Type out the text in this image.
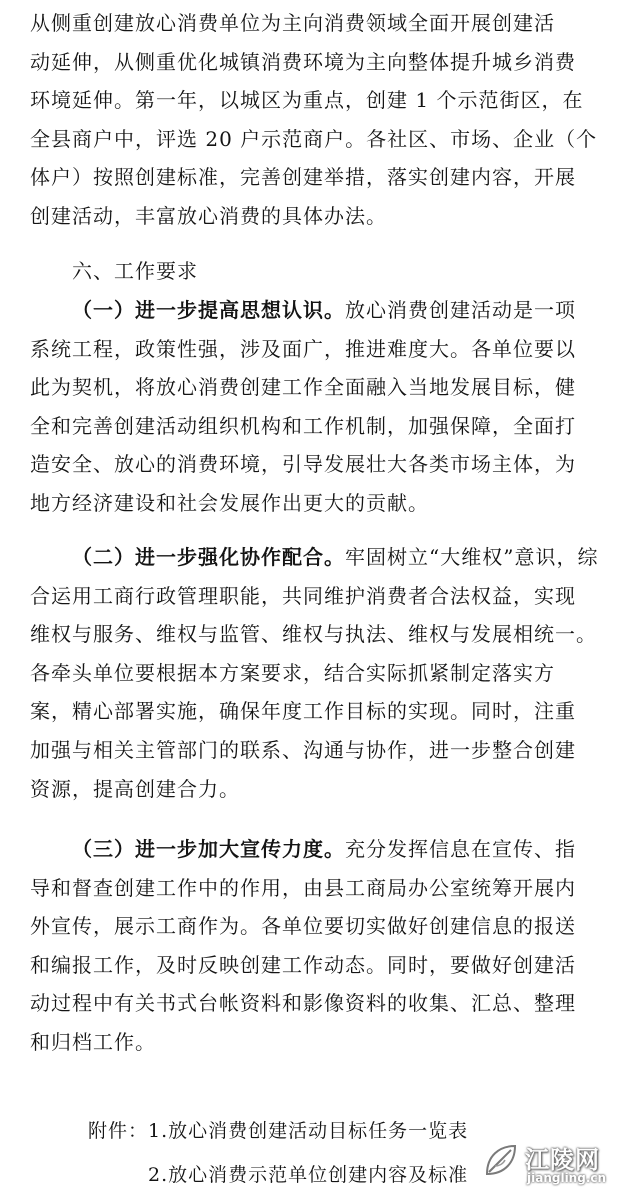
从侧重创建放心消费单位为主向消费领域全面开展创建活
动延伸，从侧重优化城镇消费环境为主向整体提升城乡消费
环境延伸。第一年，以城区为重点，创建 1 个示范街区，在
全县商户中，评选 20 户示范商户。各社区、市场、企业（个
体户）按照创建标准，完善创建举措，落实创建内容，开展
创建活动，丰富放心消费的具体办法。
六、工作要求
（一）进一步提高思想认识。放心消费创建活动是一项
系统工程，政策性强，涉及面广，推进难度大。各单位要以
此为契机，将放心消费创建工作全面融入当地发展目标，健
全和完善创建活动组织机构和工作机制，加强保障，全面打
造安全、放心的消费环境，引导发展壮大各类市场主体，为
地方经济建设和社会发展作出更大的贡献。
（二）进一步强化协作配合。牢固树立“大维权”意识，综
合运用工商行政管理职能，共同维护消费者合法权益，实现
维权与服务、维权与监管、维权与执法、维权与发展相统一。
各牵头单位要根据本方案要求，结合实际抓紧制定落实方
案，精心部署实施，确保年度工作目标的实现。同时，注重
加强与相关主管部门的联系、沟通与协作，进一步整合创建
资源，提高创建合力。
（三）进一步加大宣传力度。充分发挥信息在宣传、指
导和督查创建工作中的作用，由县工商局办公室统筹开展内
外宣传，展示工商作为。各单位要切实做好创建信息的报送
和编报工作，及时反映创建工作动态。同时，要做好创建活
动过程中有关书式台帐资料和影像资料的收集、汇总、整理
和归档工作。
附件：1.放心消费创建活动目标任务一览表
2.放心消费示范单位创建内容及标准
江陵网
jiangling.cn
